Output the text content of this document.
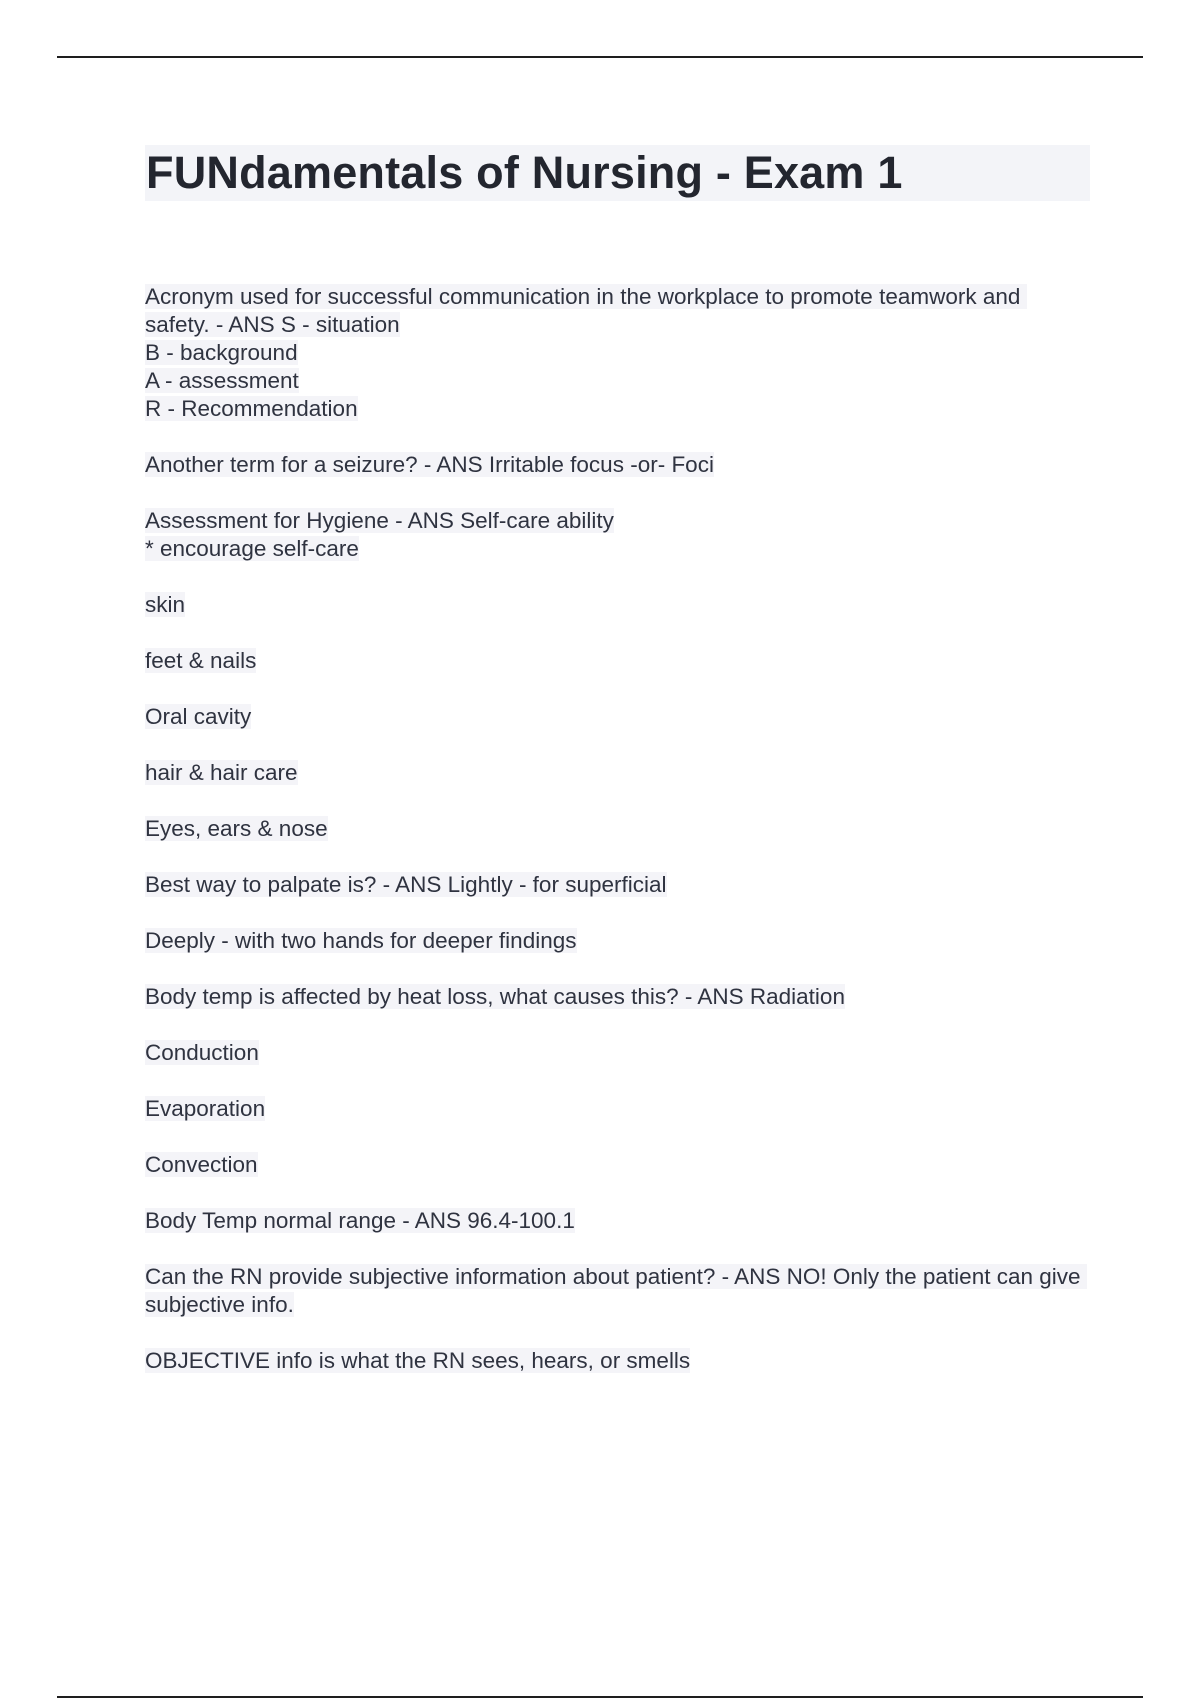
FUNdamentals of Nursing - Exam 1
Acronym used for successful communication in the workplace to promote teamwork and safety. - ANS S - situation
B - background
A - assessment
R - Recommendation
Another term for a seizure? - ANS Irritable focus -or- Foci
Assessment for Hygiene - ANS Self-care ability
* encourage self-care
skin
feet & nails
Oral cavity
hair & hair care
Eyes, ears & nose
Best way to palpate is? - ANS Lightly - for superficial
Deeply - with two hands for deeper findings
Body temp is affected by heat loss, what causes this? - ANS Radiation
Conduction
Evaporation
Convection
Body Temp normal range - ANS 96.4-100.1
Can the RN provide subjective information about patient? - ANS NO! Only the patient can give subjective info.
OBJECTIVE info is what the RN sees, hears, or smells
